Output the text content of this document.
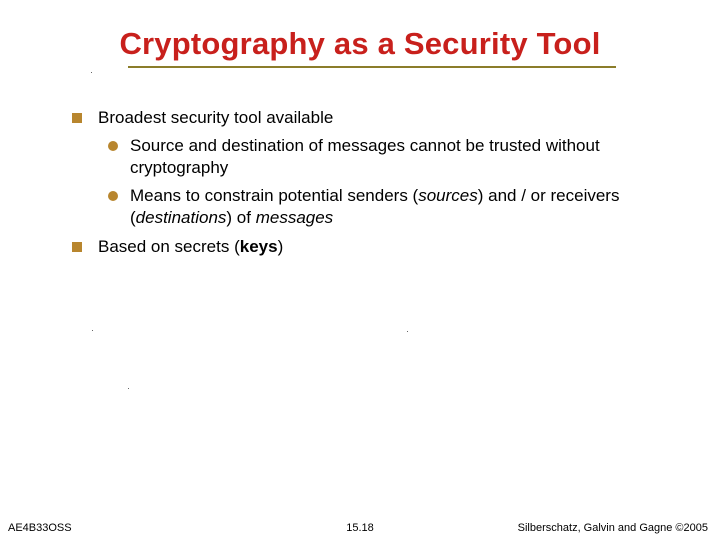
Cryptography as a Security Tool
Broadest security tool available
Source and destination of messages cannot be trusted without
cryptography
Means to constrain potential senders (sources) and / or receivers
(destinations) of messages
Based on secrets (keys)
AE4B33OSS	15.18	Silberschatz, Galvin and Gagne ©2005
